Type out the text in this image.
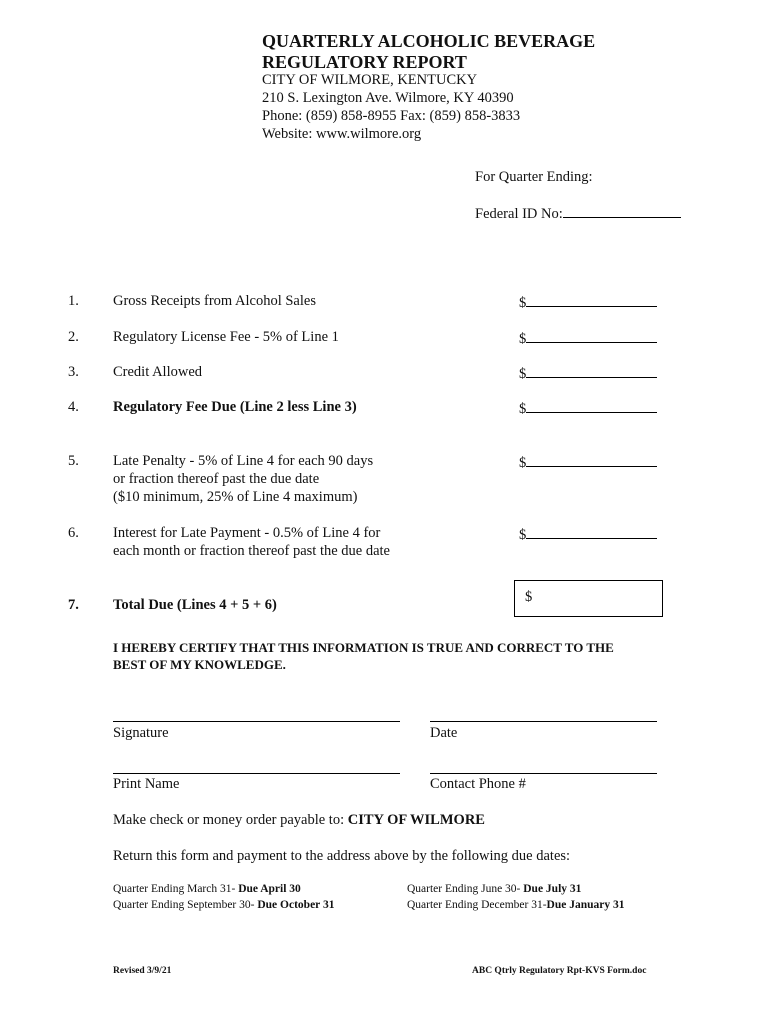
QUARTERLY ALCOHOLIC BEVERAGE
REGULATORY REPORT
CITY OF WILMORE, KENTUCKY
210 S. Lexington Ave. Wilmore, KY 40390
Phone: (859) 858-8955 Fax: (859) 858-3833
Website: www.wilmore.org
For Quarter Ending:
Federal ID No:
1. Gross Receipts from Alcohol Sales	$
2. Regulatory License Fee - 5% of Line 1	$
3. Credit Allowed	$
4. Regulatory Fee Due (Line 2 less Line 3)	$
5. Late Penalty - 5% of Line 4 for each 90 days
or fraction thereof past the due date
($10 minimum, 25% of Line 4 maximum)
$
6. Interest for Late Payment - 0.5% of Line 4 for
each month or fraction thereof past the due date
$
7. Total Due (Lines 4 + 5 + 6)	$
I HEREBY CERTIFY THAT THIS INFORMATION IS TRUE AND CORRECT TO THE
BEST OF MY KNOWLEDGE.
Signature	Date
Print Name	Contact Phone #
Make check or money order payable to: CITY OF WILMORE
Return this form and payment to the address above by the following due dates:
Quarter Ending March 31- Due April 30	Quarter Ending June 30- Due July 31
Quarter Ending September 30- Due October 31	Quarter Ending December 31-Due January 31
Revised 3/9/21	ABC Qtrly Regulatory Rpt-KVS Form.doc
